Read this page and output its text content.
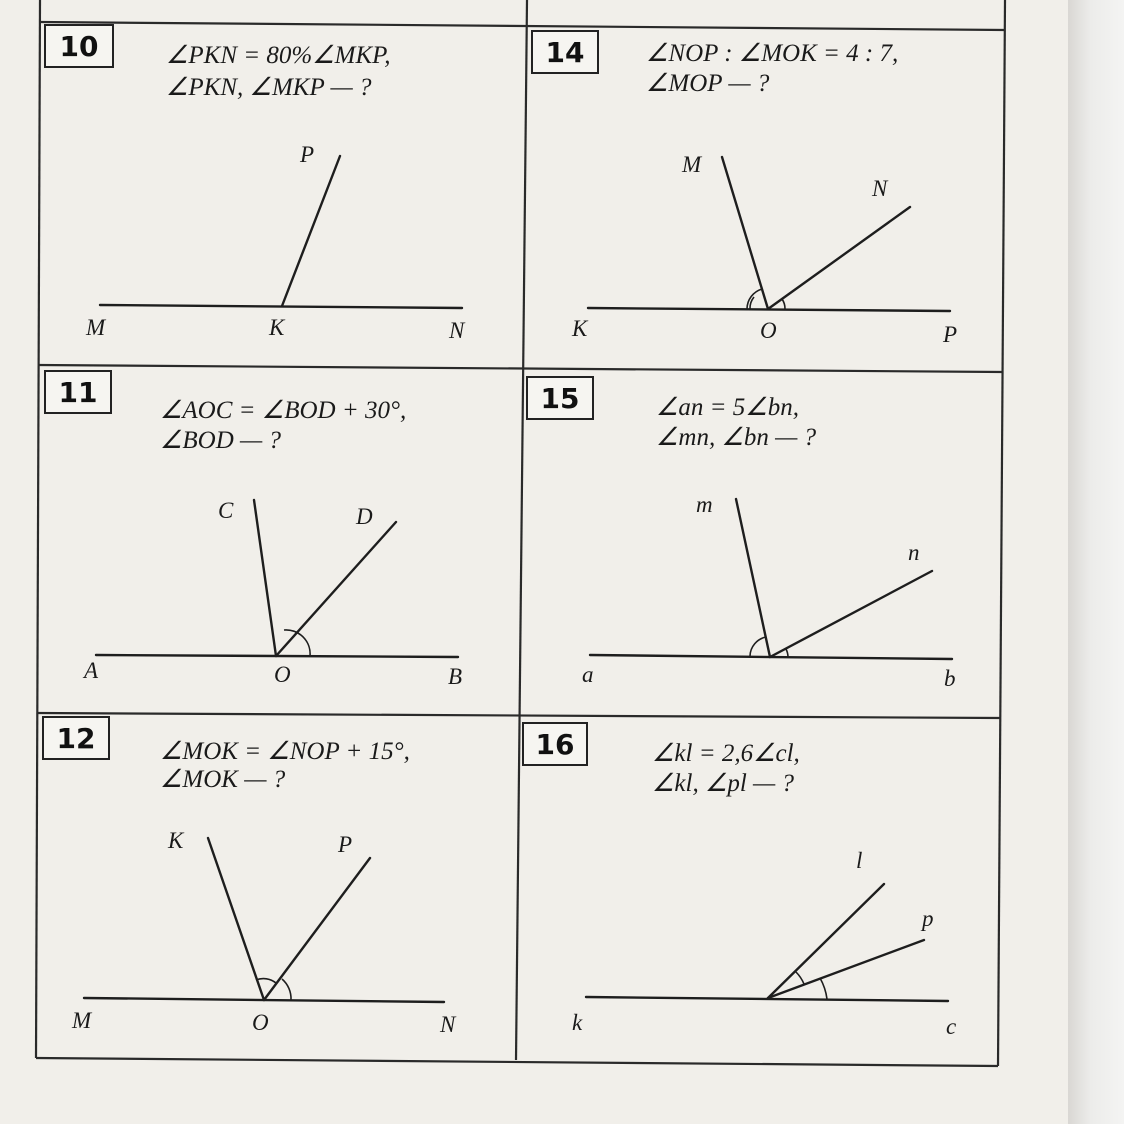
10	∠PKN = 80%∠MKP,
∠PKN, ∠MKP — ?
P
M	K	N
14	∠NOP : ∠MOK = 4 : 7,
∠MOP — ?
M
N
K	O	P
11
∠AOC = ∠BOD + 30°,
∠BOD — ?
C	D
A	O	B
15	∠an = 5∠bn,
∠mn, ∠bn — ?
m
n
a	b
12	∠MOK = ∠NOP + 15°,
∠MOK — ?
K	P
M	O	N
16	∠kl = 2,6∠cl,
∠kl, ∠pl — ?
l
p
k	c
